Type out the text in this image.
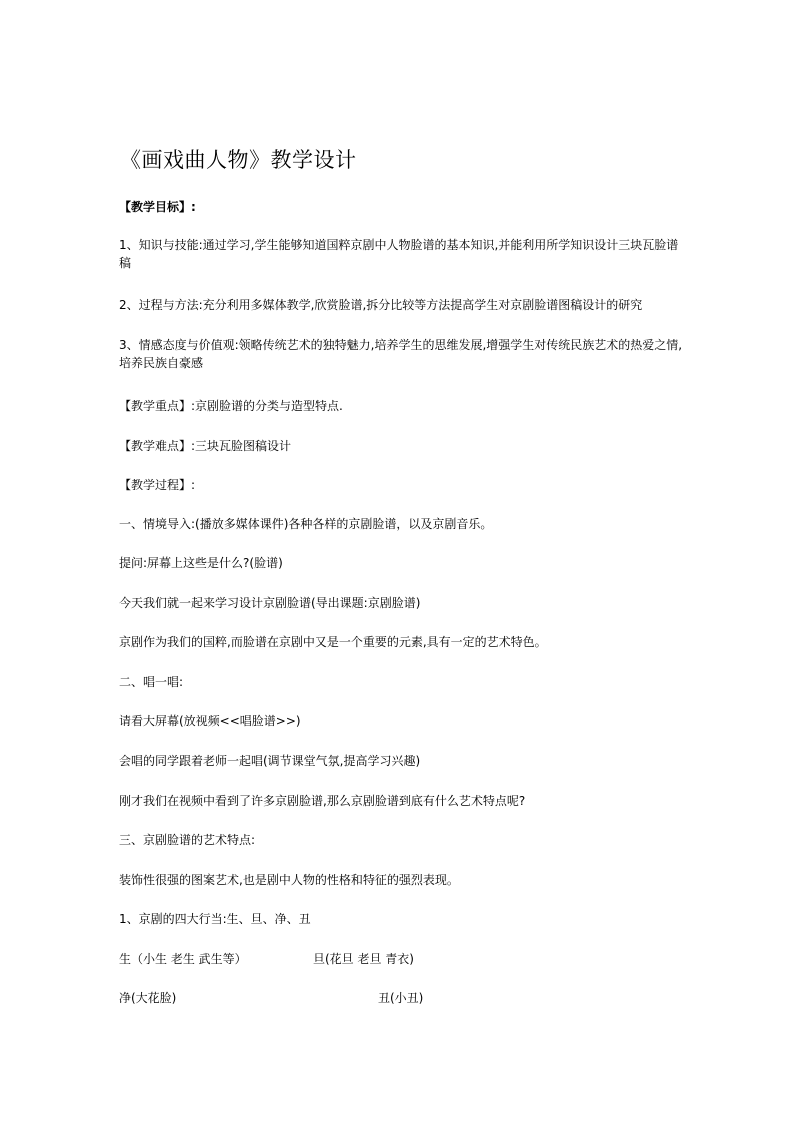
《画戏曲人物》教学设计
【教学目标】:
1、知识与技能:通过学习,学生能够知道国粹京剧中人物脸谱的基本知识,并能利用所学知识设计三块瓦脸谱稿
2、过程与方法:充分利用多媒体教学,欣赏脸谱,拆分比较等方法提高学生对京剧脸谱图稿设计的研究
3、情感态度与价值观:领略传统艺术的独特魅力,培养学生的思维发展,增强学生对传统民族艺术的热爱之情,培养民族自豪感
【教学重点】:京剧脸谱的分类与造型特点.
【教学难点】:三块瓦脸图稿设计
【教学过程】:
一、情境导入:(播放多媒体课件)各种各样的京剧脸谱，以及京剧音乐。
提问:屏幕上这些是什么?(脸谱)
今天我们就一起来学习设计京剧脸谱(导出课题:京剧脸谱)
京剧作为我们的国粹,而脸谱在京剧中又是一个重要的元素,具有一定的艺术特色。
二、唱一唱:
请看大屏幕(放视频<<唱脸谱>>)
会唱的同学跟着老师一起唱(调节课堂气氛,提高学习兴趣)
刚才我们在视频中看到了许多京剧脸谱,那么京剧脸谱到底有什么艺术特点呢?
三、京剧脸谱的艺术特点:
装饰性很强的图案艺术,也是剧中人物的性格和特征的强烈表现。
1、京剧的四大行当:生、旦、净、丑
生（小生 老生 武生等）	旦(花旦 老旦 青衣)
净(大花脸)	丑(小丑)
